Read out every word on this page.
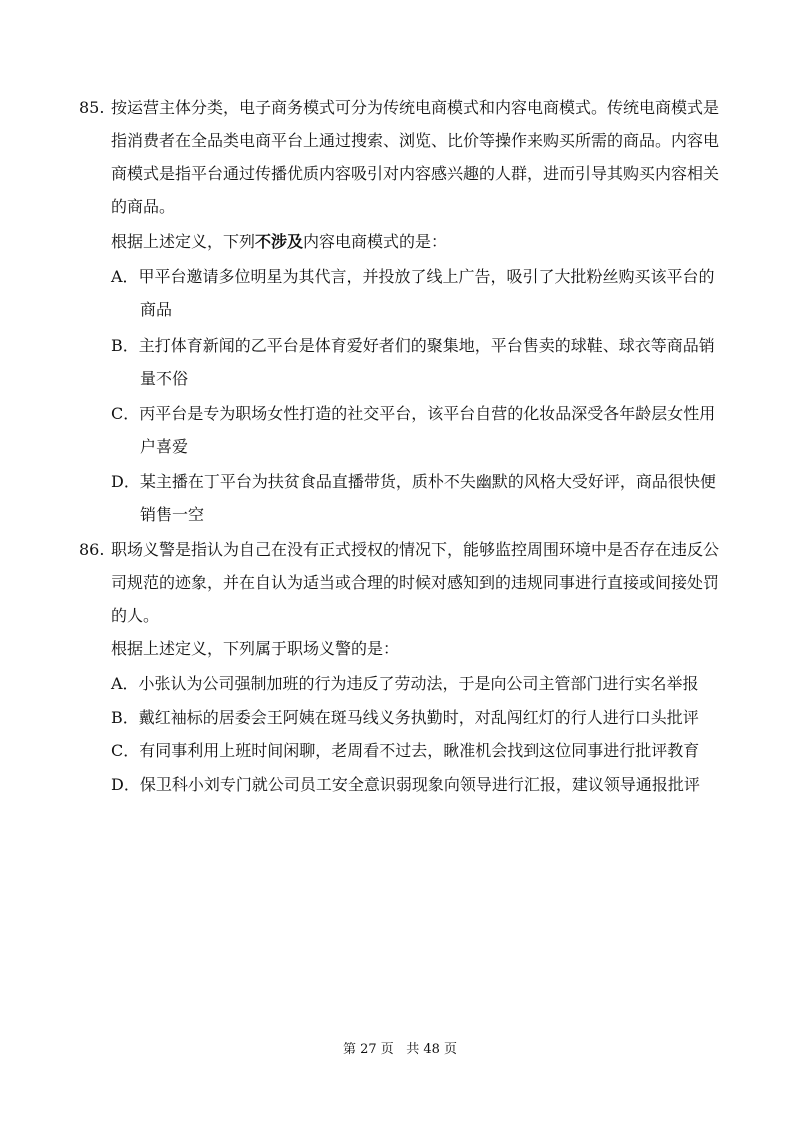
85. 按运营主体分类，电子商务模式可分为传统电商模式和内容电商模式。传统电商模式是
指消费者在全品类电商平台上通过搜索、浏览、比价等操作来购买所需的商品。内容电
商模式是指平台通过传播优质内容吸引对内容感兴趣的人群，进而引导其购买内容相关
的商品。
根据上述定义，下列不涉及内容电商模式的是：
A．甲平台邀请多位明星为其代言，并投放了线上广告，吸引了大批粉丝购买该平台的
商品
B．主打体育新闻的乙平台是体育爱好者们的聚集地，平台售卖的球鞋、球衣等商品销
量不俗
C．丙平台是专为职场女性打造的社交平台，该平台自营的化妆品深受各年龄层女性用
户喜爱
D．某主播在丁平台为扶贫食品直播带货，质朴不失幽默的风格大受好评，商品很快便
销售一空
86. 职场义警是指认为自己在没有正式授权的情况下，能够监控周围环境中是否存在违反公
司规范的迹象，并在自认为适当或合理的时候对感知到的违规同事进行直接或间接处罚
的人。
根据上述定义，下列属于职场义警的是：
A．小张认为公司强制加班的行为违反了劳动法，于是向公司主管部门进行实名举报
B．戴红袖标的居委会王阿姨在斑马线义务执勤时，对乱闯红灯的行人进行口头批评
C．有同事利用上班时间闲聊，老周看不过去，瞅准机会找到这位同事进行批评教育
D．保卫科小刘专门就公司员工安全意识弱现象向领导进行汇报，建议领导通报批评
第 27 页   共 48 页
